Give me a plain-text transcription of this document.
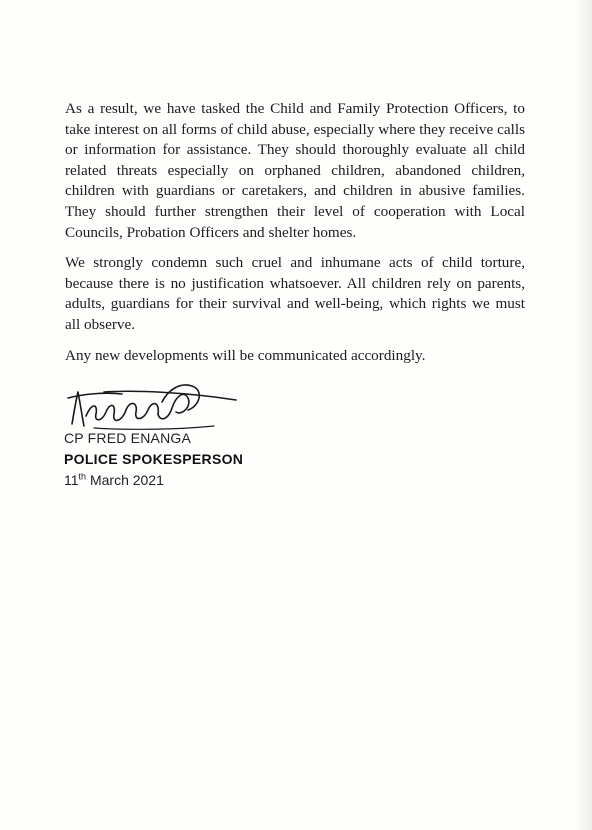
As a result, we have tasked the Child and Family Protection Officers, to take interest on all forms of child abuse, especially where they receive calls or information for assistance. They should thoroughly evaluate all child related threats especially on orphaned children, abandoned children, children with guardians or caretakers, and children in abusive families. They should further strengthen their level of cooperation with Local Councils, Probation Officers and shelter homes.

We strongly condemn such cruel and inhumane acts of child torture, because there is no justification whatsoever. All children rely on parents, adults, guardians for their survival and well-being, which rights we must all observe.

Any new developments will be communicated accordingly.

CP FRED ENANGA
POLICE SPOKESPERSON
11th March 2021
